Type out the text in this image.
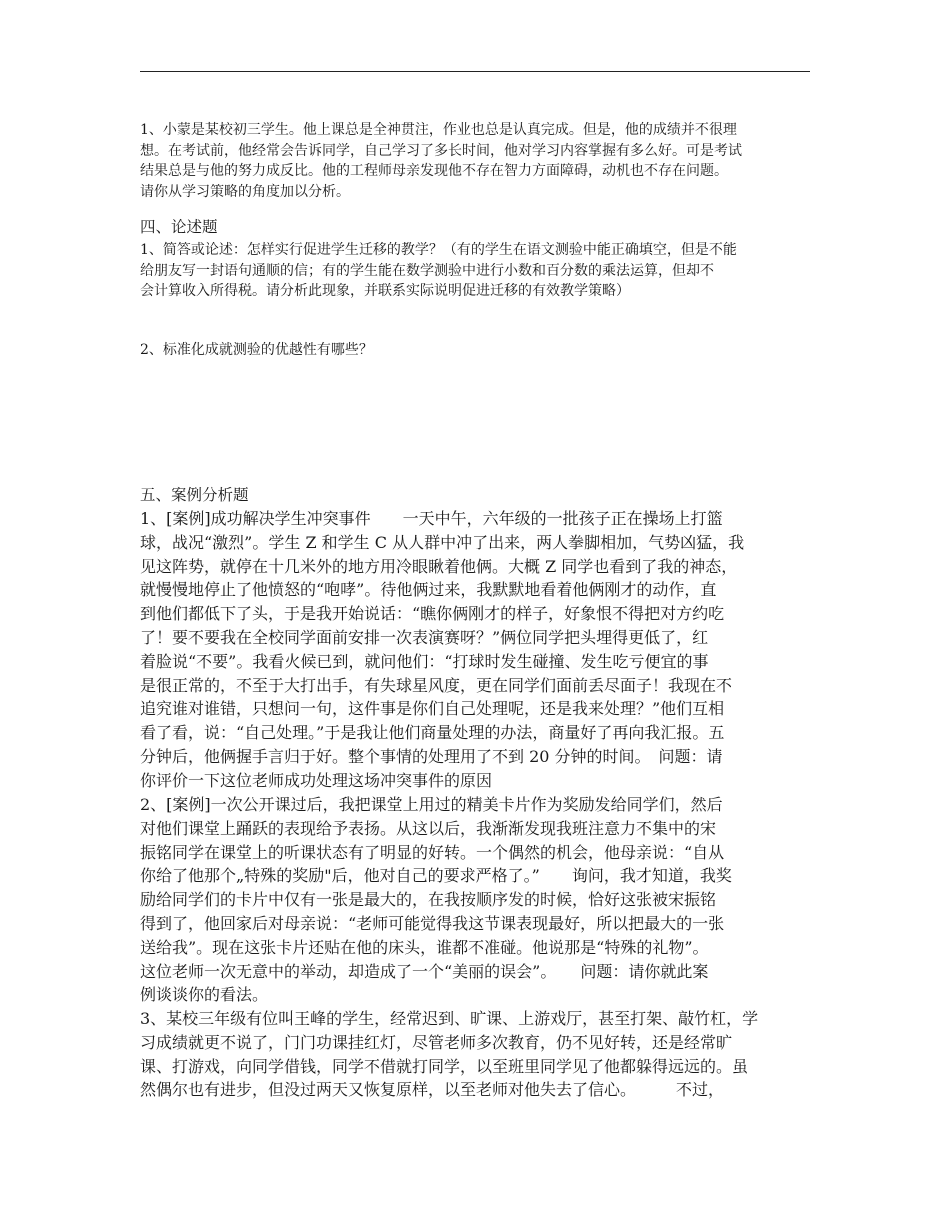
1、小蒙是某校初三学生。他上课总是全神贯注，作业也总是认真完成。但是，他的成绩并不很理
想。在考试前，他经常会告诉同学，自己学习了多长时间，他对学习内容掌握有多么好。可是考试
结果总是与他的努力成反比。他的工程师母亲发现他不存在智力方面障碍，动机也不存在问题。
请你从学习策略的角度加以分析。
四、论述题
1、简答或论述：怎样实行促进学生迁移的教学？（有的学生在语文测验中能正确填空，但是不能
给朋友写一封语句通顺的信；有的学生能在数学测验中进行小数和百分数的乘法运算，但却不
会计算收入所得税。请分析此现象，并联系实际说明促进迁移的有效教学策略）
2、标准化成就测验的优越性有哪些？
五、案例分析题
1、[案例]成功解决学生冲突事件　　一天中午，六年级的一批孩子正在操场上打篮
球，战况“激烈”。学生 Z 和学生 C 从人群中冲了出来，两人拳脚相加，气势凶猛，我
见这阵势，就停在十几米外的地方用冷眼瞅着他俩。大概 Z 同学也看到了我的神态，
就慢慢地停止了他愤怒的“咆哮”。待他俩过来，我默默地看着他俩刚才的动作，直
到他们都低下了头，于是我开始说话：“瞧你俩刚才的样子，好象恨不得把对方约吃
了！要不要我在全校同学面前安排一次表演赛呀？”俩位同学把头埋得更低了，红
着脸说“不要”。我看火候已到，就问他们：“打球时发生碰撞、发生吃亏便宜的事
是很正常的，不至于大打出手，有失球星风度，更在同学们面前丢尽面子！我现在不
追究谁对谁错，只想问一句，这件事是你们自己处理呢，还是我来处理？”他们互相
看了看，说：“自己处理。”于是我让他们商量处理的办法，商量好了再向我汇报。五
分钟后，他俩握手言归于好。整个事情的处理用了不到 20 分钟的时间。　问题：请
你评价一下这位老师成功处理这场冲突事件的原因
2、[案例]一次公开课过后，我把课堂上用过的精美卡片作为奖励发给同学们，然后
对他们课堂上踊跃的表现给予表扬。从这以后，我渐渐发现我班注意力不集中的宋
振铭同学在课堂上的听课状态有了明显的好转。一个偶然的机会，他母亲说：“自从
你给了他那个„特殊的奖励"后，他对自己的要求严格了。”　　询问，我才知道，我奖
励给同学们的卡片中仅有一张是最大的，在我按顺序发的时候，恰好这张被宋振铭
得到了，他回家后对母亲说：“老师可能觉得我这节课表现最好，所以把最大的一张
送给我”。现在这张卡片还贴在他的床头，谁都不准碰。他说那是“特殊的礼物”。
这位老师一次无意中的举动，却造成了一个“美丽的误会”。　　问题：请你就此案
例谈谈你的看法。
3、某校三年级有位叫王峰的学生，经常迟到、旷课、上游戏厅，甚至打架、敲竹杠，学
习成绩就更不说了，门门功课挂红灯，尽管老师多次教育，仍不见好转，还是经常旷
课、打游戏，向同学借钱，同学不借就打同学，以至班里同学见了他都躲得远远的。虽
然偶尔也有进步，但没过两天又恢复原样，以至老师对他失去了信心。　　　不过，
